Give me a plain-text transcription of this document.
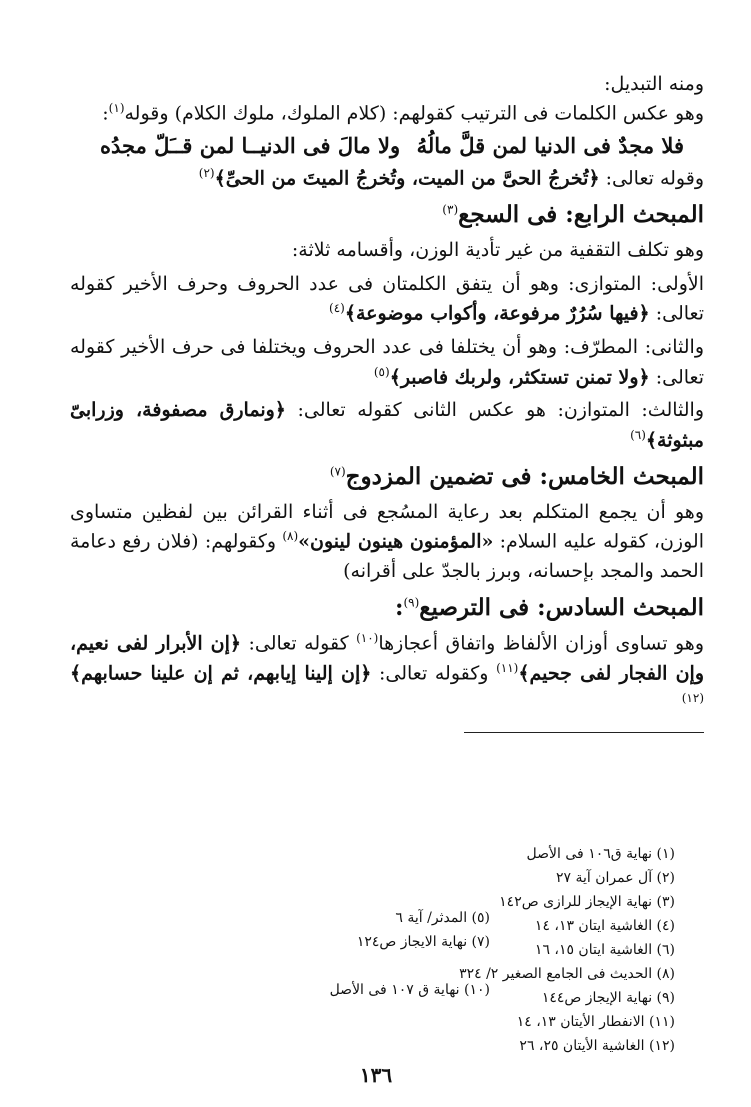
ومنه التبديل:

وهو عكس الكلمات فى الترتيب كقولهم: (كلام الملوك، ملوك الكلام) وقوله$^{(١)}$:

فلا مجدٌ فى الدنيا لمن قلَّ مالُهُ
ولا مالَ فى الدنيــا لمن قــَلّ مجدُه

وقوله تعالى: ﴿تُخرجُ الحىَّ من الميت، وتُخرجُ الميتَ من الحىِّ﴾$^{(٢)}$

المبحث الرابع: فى السجع$^{(٣)}$

وهو تكلف التقفية من غير تأدية الوزن، وأقسامه ثلاثة:

الأولى: المتوازى: وهو أن يتفق الكلمتان فى عدد الحروف وحرف الأخير كقوله تعالى: ﴿فيها سُرُرٌ مرفوعة، وأكواب موضوعة﴾$^{(٤)}$

والثانى: المطرّف: وهو أن يختلفا فى عدد الحروف ويختلفا فى حرف الأخير كقوله تعالى: ﴿ولا تمنن تستكثر، ولربك فاصبر﴾$^{(٥)}$

والثالث: المتوازن: هو عكس الثانى كقوله تعالى: ﴿ونمارق مصفوفة، وزرابىّ مبثوثة﴾$^{(٦)}$

المبحث الخامس: فى تضمين المزدوج$^{(٧)}$

وهو أن يجمع المتكلم بعد رعاية المسُجع فى أثناء القرائن بين لفظين متساوى الوزن، كقوله عليه السلام: «المؤمنون هينون لينون»$^{(٨)}$ وكقولهم: (فلان رفع دعامة الحمد والمجد بإحسانه، وبرز بالجدّ على أقرانه)

المبحث السادس: فى الترصيع$^{(٩)}$:

وهو تساوى أوزان الألفاظ واتفاق أعجازها$^{(١٠)}$ كقوله تعالى: ﴿إن الأبرار لفى نعيم، وإن الفجار لفى جحيم﴾$^{(١١)}$ وكقوله تعالى: ﴿إن إلينا إيابهم، ثم إن علينا حسابهم﴾$^{(١٢)}$

(١) نهاية ق١٠٦ فى الأصل
(٢) آل عمران آية ٢٧
(٣) نهاية الإيجاز للرازى ص١٤٢
(٤) الغاشية ايتان ١٣، ١٤
(٦) الغاشية ايتان ١٥، ١٦
(٨) الحديث فى الجامع الصغير ٢/ ٣٢٤
(٩) نهاية الإيجاز ص١٤٤
(١١) الانفطار الأيتان ١٣، ١٤
(١٢) الغاشية الأيتان ٢٥، ٢٦
(٥) المدثر/ آية ٦
(٧) نهاية الايجاز ص١٢٤

(١٠) نهاية ق ١٠٧ فى الأصل
١٣٦
